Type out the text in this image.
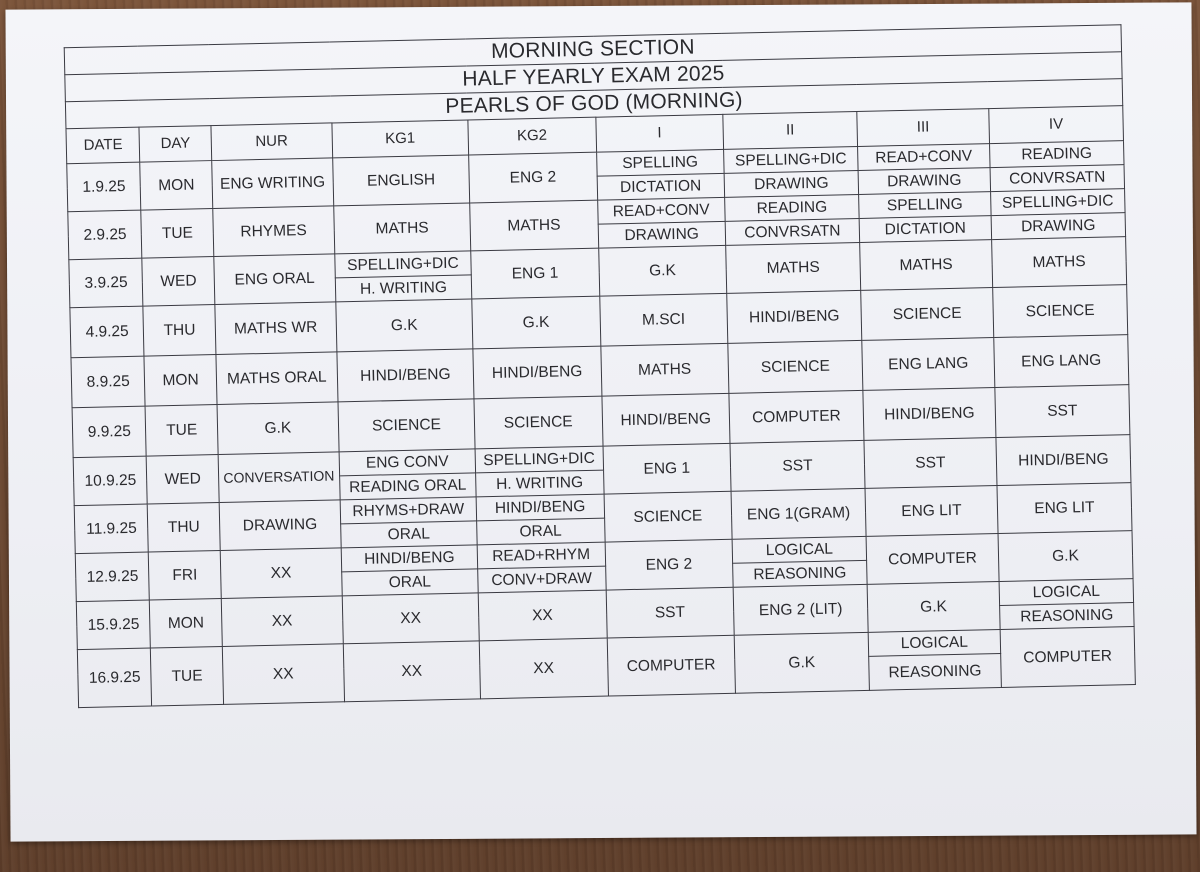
MORNING SECTION								
HALF YEARLY EXAM 2025								
PEARLS OF GOD (MORNING)								
DATE	DAY	NUR	KG1	KG2	I	II	III	IV
1.9.25	MON	ENG WRITING	ENGLISH	ENG 2	SPELLING	SPELLING+DIC	READ+CONV	READING
					DICTATION	DRAWING	DRAWING	CONVRSATN
2.9.25	TUE	RHYMES	MATHS	MATHS	READ+CONV	READING	SPELLING	SPELLING+DIC
					DRAWING	CONVRSATN	DICTATION	DRAWING
3.9.25	WED	ENG ORAL	SPELLING+DIC	ENG 1	G.K	MATHS	MATHS	MATHS
			H. WRITING					
4.9.25	THU	MATHS WR	G.K	G.K	M.SCI	HINDI/BENG	SCIENCE	SCIENCE
8.9.25	MON	MATHS ORAL	HINDI/BENG	HINDI/BENG	MATHS	SCIENCE	ENG LANG	ENG LANG
9.9.25	TUE	G.K	SCIENCE	SCIENCE	HINDI/BENG	COMPUTER	HINDI/BENG	SST
10.9.25	WED	CONVERSATION	ENG CONV	SPELLING+DIC	ENG 1	SST	SST	HINDI/BENG
			READING ORAL	H. WRITING				
11.9.25	THU	DRAWING	RHYMS+DRAW	HINDI/BENG	SCIENCE	ENG 1(GRAM)	ENG LIT	ENG LIT
			ORAL	ORAL				
12.9.25	FRI	XX	HINDI/BENG	READ+RHYM	ENG 2	LOGICAL	COMPUTER	G.K
			ORAL	CONV+DRAW		REASONING		
15.9.25	MON	XX	XX	XX	SST	ENG 2 (LIT)	G.K	LOGICAL
								REASONING
16.9.25	TUE	XX	XX	XX	COMPUTER	G.K	LOGICAL	COMPUTER
							REASONING	
